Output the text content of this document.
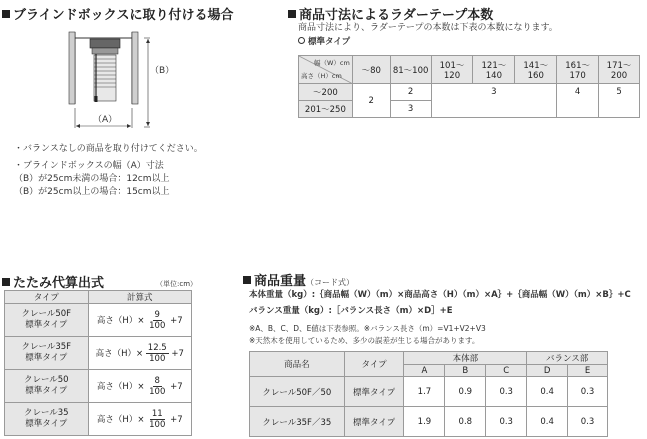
ブラインドボックスに取り付ける場合
（A）
（B）
・バランスなしの商品を取り付けてください。
・ブラインドボックスの幅（A）寸法
（B）が25cm未満の場合：12cm以上
（B）が25cm以上の場合：15cm以上
商品寸法によるラダーテープ本数
商品寸法により、ラダーテープの本数は下表の本数になります。
標準タイプ
幅（W）cm
高さ（H）cm	～80	81～100	101～120	121～140	141～160	161～170	171～200
～200	2	2	3			4	5
201～250		3					
たたみ代算出式	（単位:cm）
タイプ	計算式
クレール50F
標準タイプ	高さ$(H)\times \frac{9}{100} +7$
クレール35F
標準タイプ	高さ$(H)\times \frac{12.5}{100} +7$
クレール50
標準タイプ	高さ$(H)\times \frac{8}{100} +7$
クレール35
標準タイプ	高さ$(H)\times \frac{11}{100} +7$
商品重量（コード式）
本体重量（kg）:｛商品幅（W）（m）×商品高さ（H）（m）×A｝+｛商品幅（W）（m）×B｝+C
バランス重量（kg）:［バランス長さ（m）×D］+E
※A、B、C、D、E値は下表参照。※バランス長さ（m）=V1+V2+V3
※天然木を使用しているため、多少の誤差が生じる場合があります。
商品名	タイプ	本体部			バランス部	
		A	B	C	D	E
クレール50F／50	標準タイプ	1.7	0.9	0.3	0.4	0.3
クレール35F／35	標準タイプ	1.9	0.8	0.3	0.4	0.3
